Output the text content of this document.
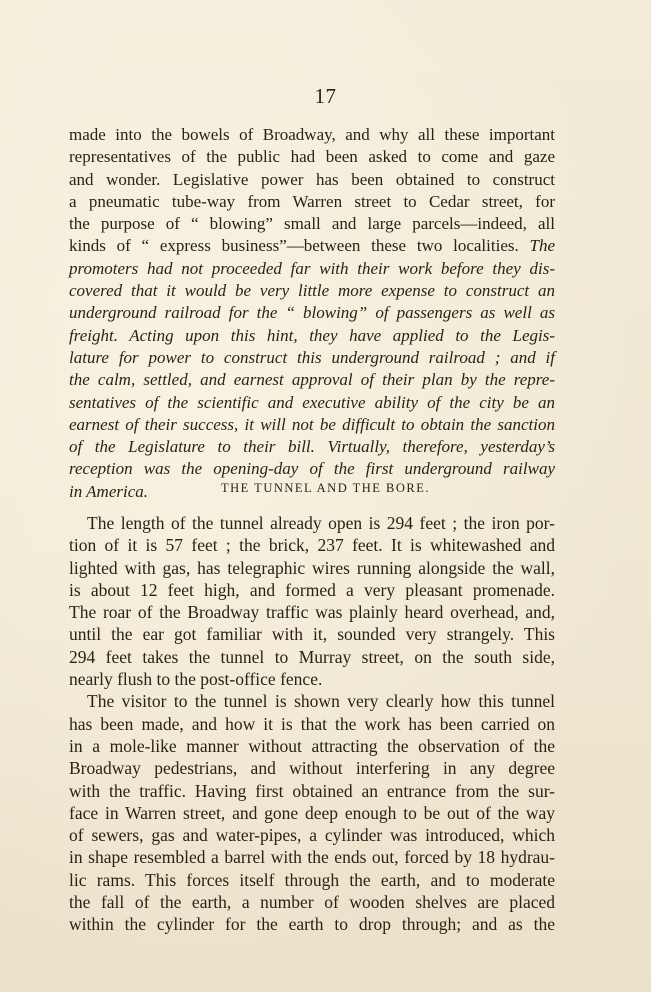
17
made into the bowels of Broadway, and why all these important
representatives of the public had been asked to come and gaze
and wonder. Legislative power has been obtained to construct
a pneumatic tube-way from Warren street to Cedar street, for
the purpose of “ blowing” small and large parcels—indeed, all
kinds of “ express business”—between these two localities. The
promoters had not proceeded far with their work before they dis-
covered that it would be very little more expense to construct an
underground railroad for the “ blowing” of passengers as well as
freight. Acting upon this hint, they have applied to the Legis-
lature for power to construct this underground railroad ; and if
the calm, settled, and earnest approval of their plan by the repre-
sentatives of the scientific and executive ability of the city be an
earnest of their success, it will not be difficult to obtain the sanction
of the Legislature to their bill. Virtually, therefore, yesterday’s
reception was the opening-day of the first underground railway
in America.	THE TUNNEL AND THE BORE.
The length of the tunnel already open is 294 feet ; the iron por-
tion of it is 57 feet ; the brick, 237 feet. It is whitewashed and
lighted with gas, has telegraphic wires running alongside the wall,
is about 12 feet high, and formed a very pleasant promenade.
The roar of the Broadway traffic was plainly heard overhead, and,
until the ear got familiar with it, sounded very strangely. This
294 feet takes the tunnel to Murray street, on the south side,
nearly flush to the post-office fence.
The visitor to the tunnel is shown very clearly how this tunnel
has been made, and how it is that the work has been carried on
in a mole-like manner without attracting the observation of the
Broadway pedestrians, and without interfering in any degree
with the traffic. Having first obtained an entrance from the sur-
face in Warren street, and gone deep enough to be out of the way
of sewers, gas and water-pipes, a cylinder was introduced, which
in shape resembled a barrel with the ends out, forced by 18 hydrau-
lic rams. This forces itself through the earth, and to moderate
the fall of the earth, a number of wooden shelves are placed
within the cylinder for the earth to drop through; and as the
